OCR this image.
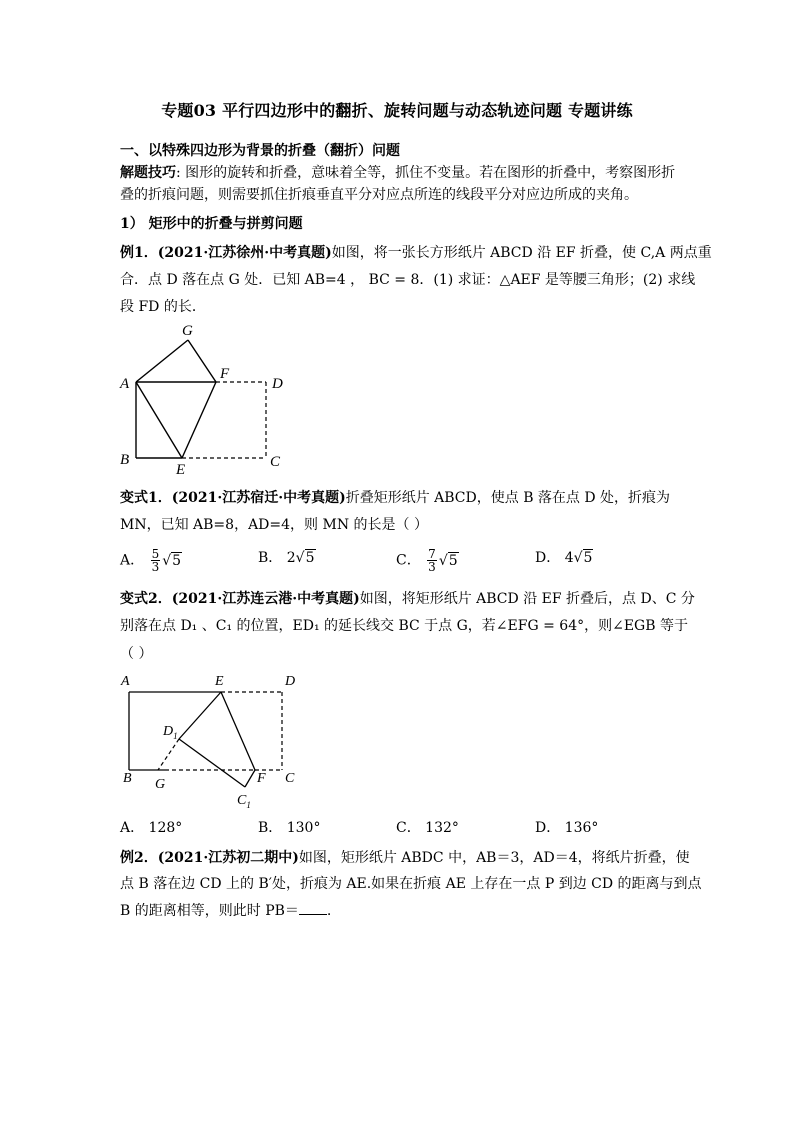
专题03 平行四边形中的翻折、旋转问题与动态轨迹问题 专题讲练
一、以特殊四边形为背景的折叠（翻折）问题
解题技巧: 图形的旋转和折叠，意味着全等，抓住不变量。若在图形的折叠中，考察图形折
叠的折痕问题，则需要抓住折痕垂直平分对应点所连的线段平分对应边所成的夹角。
1） 矩形中的折叠与拼剪问题
例1．(2021·江苏徐州·中考真题)如图，将一张长方形纸片 ABCD 沿 EF 折叠，使 C,A 两点重
合．点 D 落在点 G 处．已知 AB=4 ， BC = 8．(1) 求证：△AEF 是等腰三角形；(2) 求线
段 FD 的长．
G
A
F
D
B
E	C
变式1．(2021·江苏宿迁·中考真题)折叠矩形纸片 ABCD，使点 B 落在点 D 处，折痕为
MN，已知 AB=8，AD=4，则 MN 的长是（ ）
A． $\frac{5}{3} √5$	B． 2√5	C． $\frac{7}{3} √5$	D． 4√5
变式2．(2021·江苏连云港·中考真题)如图，将矩形纸片 ABCD 沿 EF 折叠后，点 D、C 分
别落在点 D₁ 、C₁ 的位置，ED₁ 的延长线交 BC 于点 G，若∠EFG = 64°，则∠EGB 等于
（ ）
A	E	D
$D_1$
B G	F C
$C_1$
A． 128°	B． 130°	C． 132°	D． 136°
例2．(2021·江苏初二期中)如图，矩形纸片 ABDC 中，AB＝3，AD＝4，将纸片折叠，使
点 B 落在边 CD 上的 B′处，折痕为 AE.如果在折痕 AE 上存在一点 P 到边 CD 的距离与到点
B 的距离相等，则此时 PB＝ .
